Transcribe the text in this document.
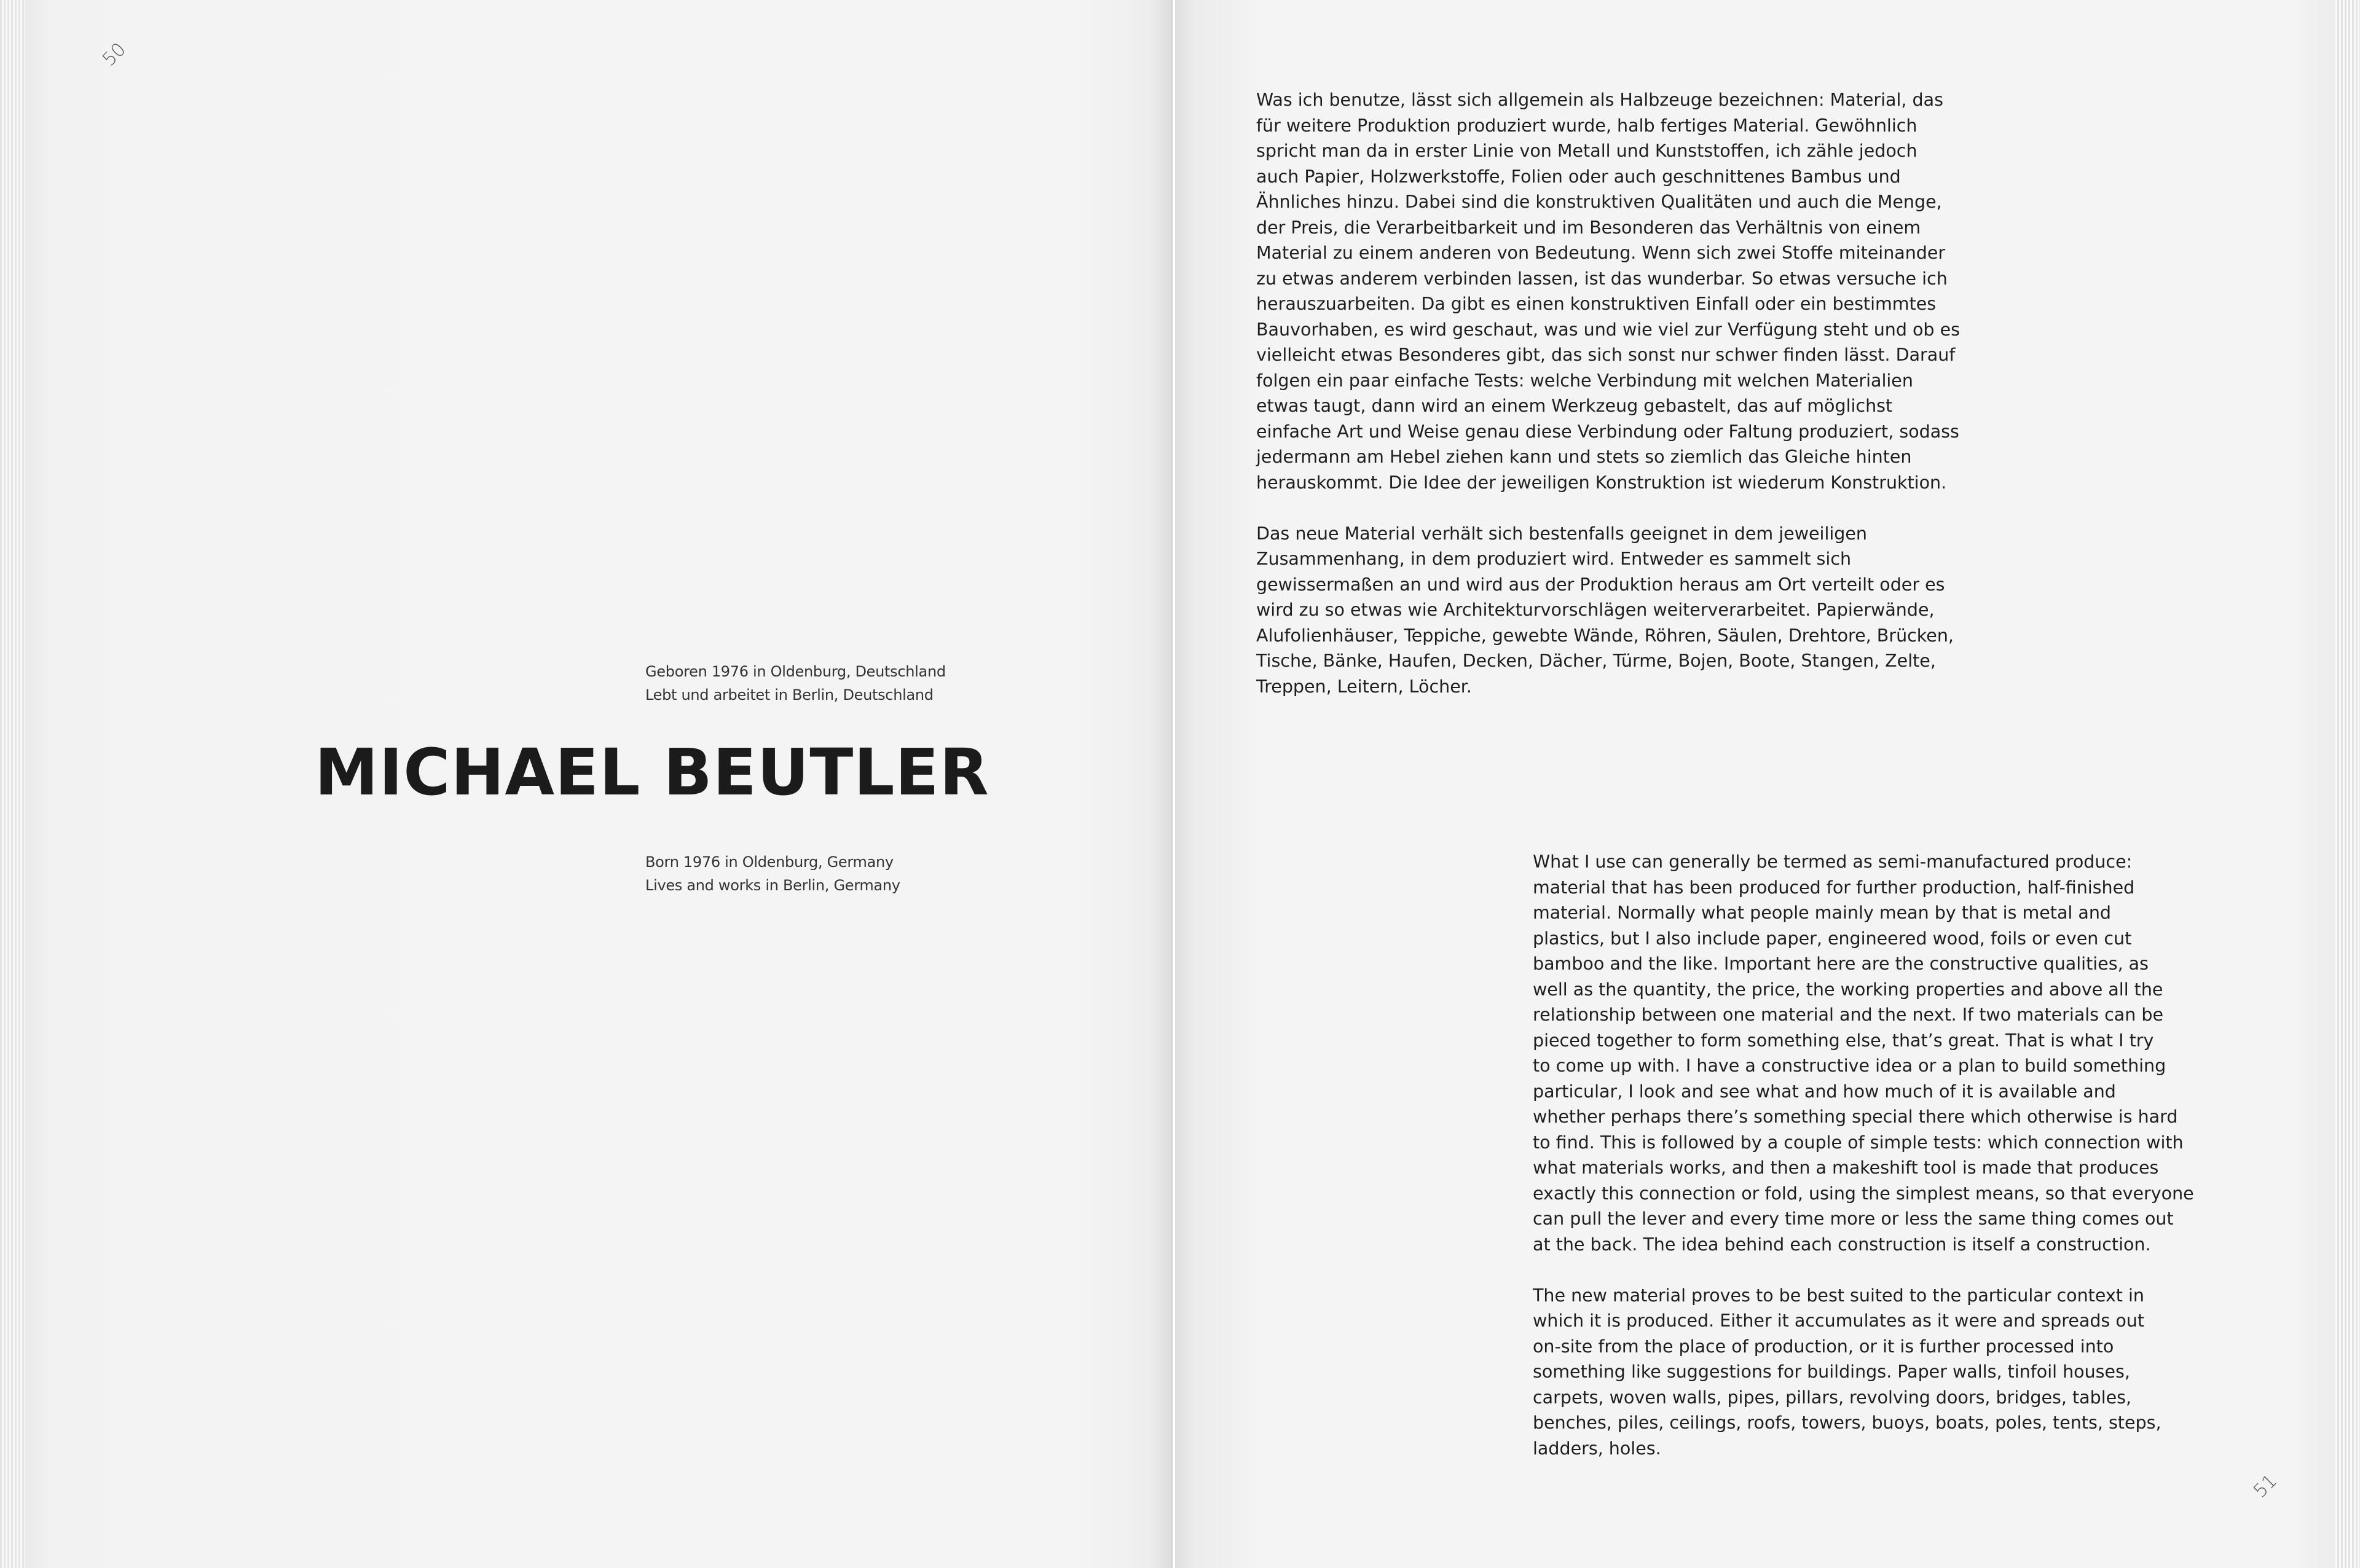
50
Geboren 1976 in Oldenburg, Deutschland
Lebt und arbeitet in Berlin, Deutschland
MICHAEL BEUTLER
Born 1976 in Oldenburg, Germany
Lives and works in Berlin, Germany

Was ich benutze, lässt sich allgemein als Halbzeuge bezeichnen: Material, das
für weitere Produktion produziert wurde, halb fertiges Material. Gewöhnlich
spricht man da in erster Linie von Metall und Kunststoffen, ich zähle jedoch
auch Papier, Holzwerkstoffe, Folien oder auch geschnittenes Bambus und
Ähnliches hinzu. Dabei sind die konstruktiven Qualitäten und auch die Menge,
der Preis, die Verarbeitbarkeit und im Besonderen das Verhältnis von einem
Material zu einem anderen von Bedeutung. Wenn sich zwei Stoffe miteinander
zu etwas anderem verbinden lassen, ist das wunderbar. So etwas versuche ich
herauszuarbeiten. Da gibt es einen konstruktiven Einfall oder ein bestimmtes
Bauvorhaben, es wird geschaut, was und wie viel zur Verfügung steht und ob es
vielleicht etwas Besonderes gibt, das sich sonst nur schwer finden lässt. Darauf
folgen ein paar einfache Tests: welche Verbindung mit welchen Materialien
etwas taugt, dann wird an einem Werkzeug gebastelt, das auf möglichst
einfache Art und Weise genau diese Verbindung oder Faltung produziert, sodass
jedermann am Hebel ziehen kann und stets so ziemlich das Gleiche hinten
herauskommt. Die Idee der jeweiligen Konstruktion ist wiederum Konstruktion.

Das neue Material verhält sich bestenfalls geeignet in dem jeweiligen
Zusammenhang, in dem produziert wird. Entweder es sammelt sich
gewissermaßen an und wird aus der Produktion heraus am Ort verteilt oder es
wird zu so etwas wie Architekturvorschlägen weiterverarbeitet. Papierwände,
Alufolienhäuser, Teppiche, gewebte Wände, Röhren, Säulen, Drehtore, Brücken,
Tische, Bänke, Haufen, Decken, Dächer, Türme, Bojen, Boote, Stangen, Zelte,
Treppen, Leitern, Löcher.

What I use can generally be termed as semi-manufactured produce:
material that has been produced for further production, half-finished
material. Normally what people mainly mean by that is metal and
plastics, but I also include paper, engineered wood, foils or even cut
bamboo and the like. Important here are the constructive qualities, as
well as the quantity, the price, the working properties and above all the
relationship between one material and the next. If two materials can be
pieced together to form something else, that’s great. That is what I try
to come up with. I have a constructive idea or a plan to build something
particular, I look and see what and how much of it is available and
whether perhaps there’s something special there which otherwise is hard
to find. This is followed by a couple of simple tests: which connection with
what materials works, and then a makeshift tool is made that produces
exactly this connection or fold, using the simplest means, so that everyone
can pull the lever and every time more or less the same thing comes out
at the back. The idea behind each construction is itself a construction.

The new material proves to be best suited to the particular context in
which it is produced. Either it accumulates as it were and spreads out
on-site from the place of production, or it is further processed into
something like suggestions for buildings. Paper walls, tinfoil houses,
carpets, woven walls, pipes, pillars, revolving doors, bridges, tables,
benches, piles, ceilings, roofs, towers, buoys, boats, poles, tents, steps,
ladders, holes.

51
